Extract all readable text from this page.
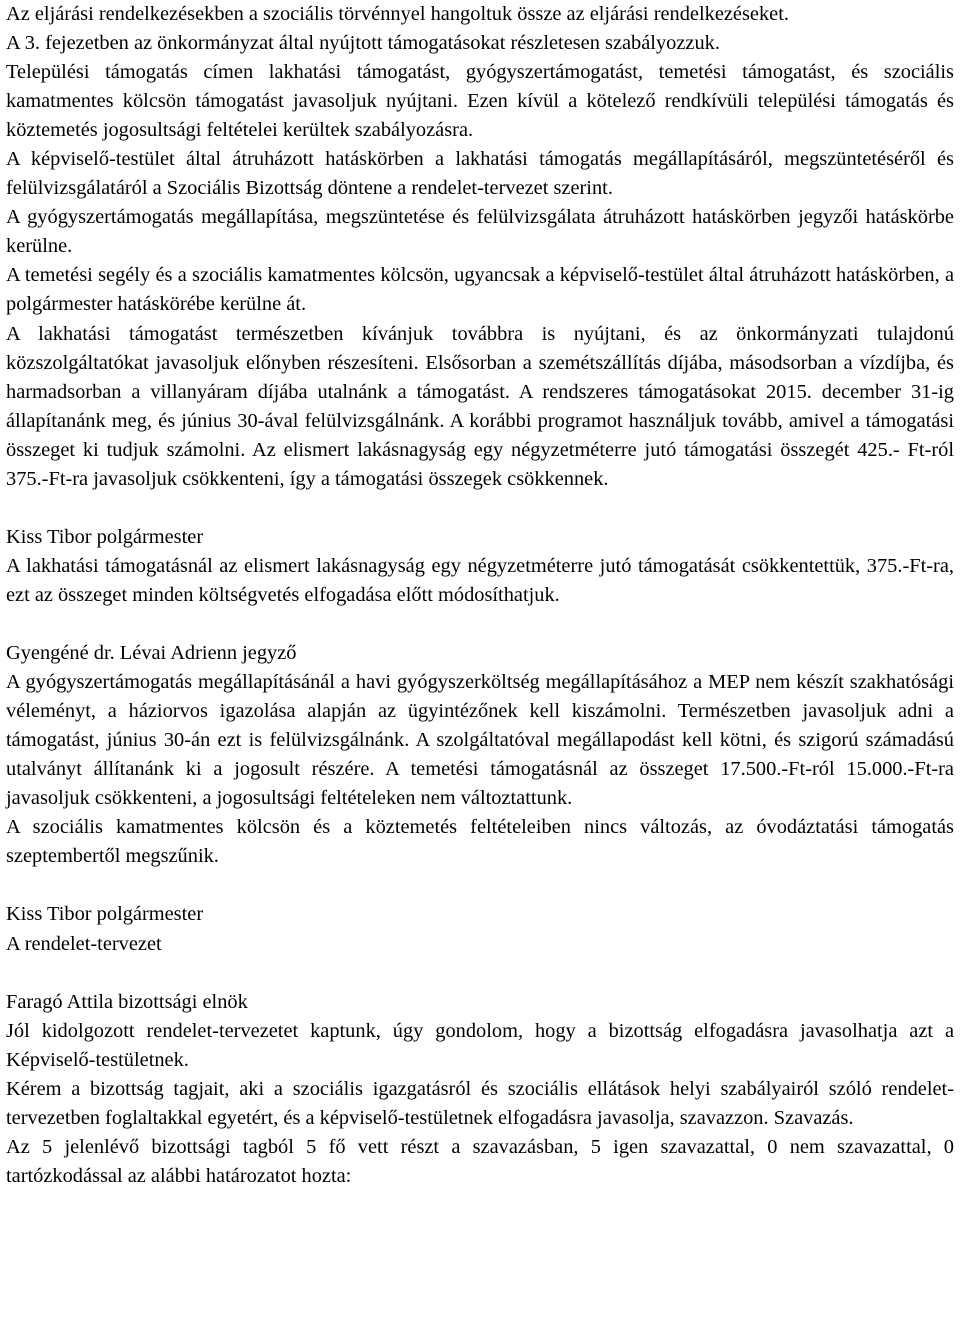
Az eljárási rendelkezésekben a szociális törvénnyel hangoltuk össze az eljárási rendelkezéseket.

A 3. fejezetben az önkormányzat által nyújtott támogatásokat részletesen szabályozzuk.

Települési támogatás címen lakhatási támogatást, gyógyszertámogatást, temetési támogatást, és szociális kamatmentes kölcsön támogatást javasoljuk nyújtani. Ezen kívül a kötelező rendkívüli települési támogatás és köztemetés jogosultsági feltételei kerültek szabályozásra.

A képviselő-testület által átruházott hatáskörben a lakhatási támogatás megállapításáról, megszüntetéséről és felülvizsgálatáról a Szociális Bizottság döntene a rendelet-tervezet szerint.

A gyógyszertámogatás megállapítása, megszüntetése és felülvizsgálata átruházott hatáskörben jegyzői hatáskörbe kerülne.

A temetési segély és a szociális kamatmentes kölcsön, ugyancsak a képviselő-testület által átruházott hatáskörben, a polgármester hatáskörébe kerülne át.

A lakhatási támogatást természetben kívánjuk továbbra is nyújtani, és az önkormányzati tulajdonú közszolgáltatókat javasoljuk előnyben részesíteni. Elsősorban a szemétszállítás díjába, másodsorban a vízdíjba, és harmadsorban a villanyáram díjába utalnánk a támogatást. A rendszeres támogatásokat 2015. december 31-ig állapítanánk meg, és június 30-ával felülvizsgálnánk. A korábbi programot használjuk tovább, amivel a támogatási összeget ki tudjuk számolni. Az elismert lakásnagyság egy négyzetméterre jutó támogatási összegét 425.- Ft-ról 375.-Ft-ra javasoljuk csökkenteni, így a támogatási összegek csökkennek.

Kiss Tibor polgármester

A lakhatási támogatásnál az elismert lakásnagyság egy négyzetméterre jutó támogatását csökkentettük, 375.-Ft-ra, ezt az összeget minden költségvetés elfogadása előtt módosíthatjuk.

Gyengéné dr. Lévai Adrienn jegyző

A gyógyszertámogatás megállapításánál a havi gyógyszerköltség megállapításához a MEP nem készít szakhatósági véleményt, a háziorvos igazolása alapján az ügyintézőnek kell kiszámolni. Természetben javasoljuk adni a támogatást, június 30-án ezt is felülvizsgálnánk. A szolgáltatóval megállapodást kell kötni, és szigorú számadású utalványt állítanánk ki a jogosult részére. A temetési támogatásnál az összeget 17.500.-Ft-ról 15.000.-Ft-ra javasoljuk csökkenteni, a jogosultsági feltételeken nem változtattunk.

A szociális kamatmentes kölcsön és a köztemetés feltételeiben nincs változás, az óvodáztatási támogatás szeptembertől megszűnik.

Kiss Tibor polgármester

A rendelet-tervezet

Faragó Attila bizottsági elnök

Jól kidolgozott rendelet-tervezetet kaptunk, úgy gondolom, hogy a bizottság elfogadásra javasolhatja azt a Képviselő-testületnek.

Kérem a bizottság tagjait, aki a szociális igazgatásról és szociális ellátások helyi szabályairól szóló rendelet-tervezetben foglaltakkal egyetért, és a képviselő-testületnek elfogadásra javasolja, szavazzon. Szavazás.

Az 5 jelenlévő bizottsági tagból 5 fő vett részt a szavazásban, 5 igen szavazattal, 0 nem szavazattal, 0 tartózkodással az alábbi határozatot hozta:
